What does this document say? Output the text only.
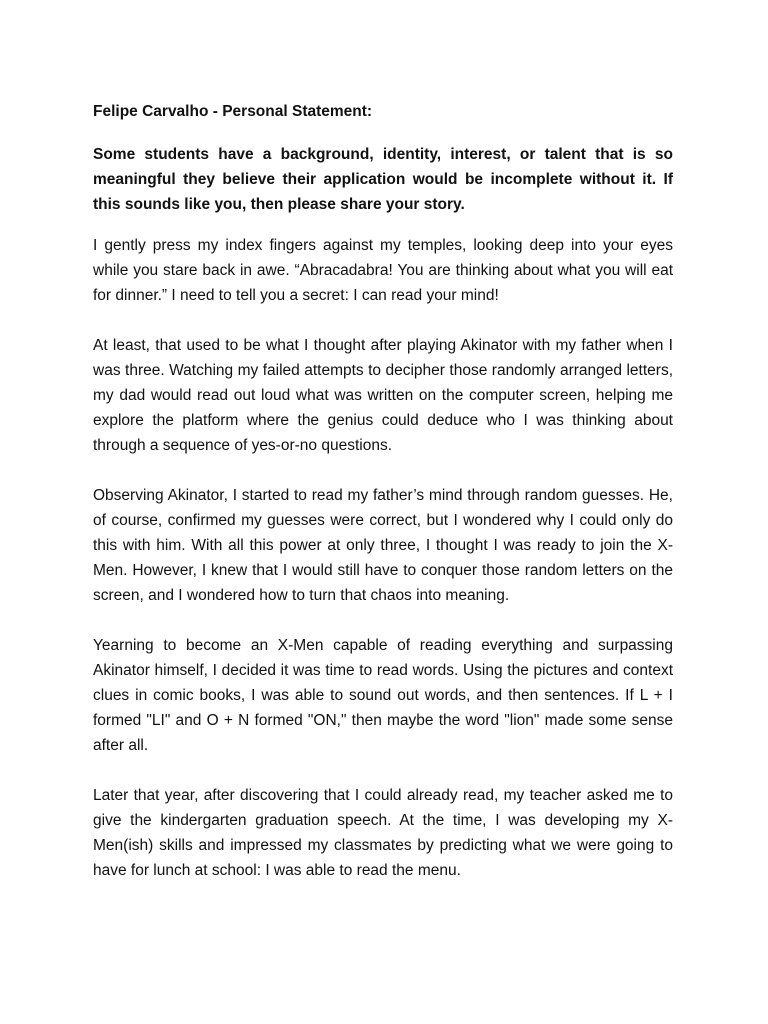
Felipe Carvalho - Personal Statement:

Some students have a background, identity, interest, or talent that is so meaningful they believe their application would be incomplete without it. If this sounds like you, then please share your story.

I gently press my index fingers against my temples, looking deep into your eyes while you stare back in awe. “Abracadabra! You are thinking about what you will eat for dinner.” I need to tell you a secret: I can read your mind!

At least, that used to be what I thought after playing Akinator with my father when I was three. Watching my failed attempts to decipher those randomly arranged letters, my dad would read out loud what was written on the computer screen, helping me explore the platform where the genius could deduce who I was thinking about through a sequence of yes-or-no questions.

Observing Akinator, I started to read my father’s mind through random guesses. He, of course, confirmed my guesses were correct, but I wondered why I could only do this with him. With all this power at only three, I thought I was ready to join the X-Men. However, I knew that I would still have to conquer those random letters on the screen, and I wondered how to turn that chaos into meaning.

Yearning to become an X-Men capable of reading everything and surpassing Akinator himself, I decided it was time to read words. Using the pictures and context clues in comic books, I was able to sound out words, and then sentences. If L + I formed "LI" and O + N formed "ON," then maybe the word "lion" made some sense after all.

Later that year, after discovering that I could already read, my teacher asked me to give the kindergarten graduation speech. At the time, I was developing my X-Men(ish) skills and impressed my classmates by predicting what we were going to have for lunch at school: I was able to read the menu.
